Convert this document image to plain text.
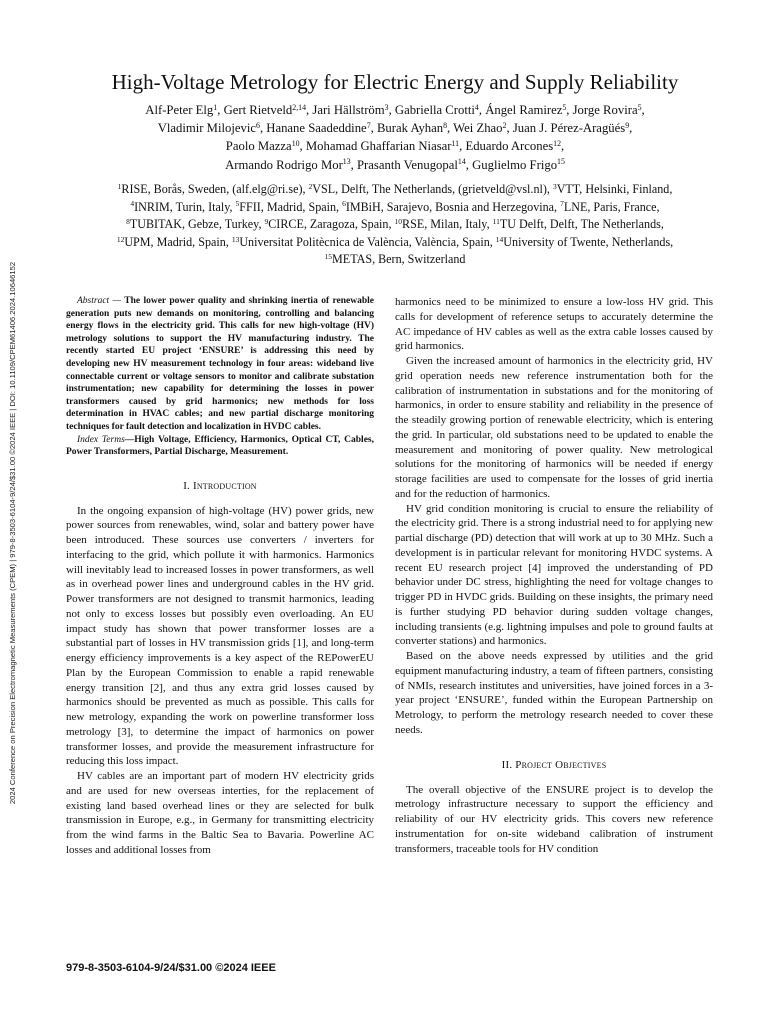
2024 Conference on Precision Electromagnetic Measurements (CPEM) | 979-8-3503-6104-9/24/$31.00 ©2024 IEEE | DOI: 10.1109/CPEM61406.2024.10646152
High-Voltage Metrology for Electric Energy and Supply Reliability

Alf-Peter Elg$^1$, Gert Rietveld$^{2,14}$, Jari Hällström$^3$, Gabriella Crotti$^4$, Ángel Ramirez$^5$, Jorge Rovira$^5$,
Vladimir Milojevic$^6$, Hanane Saadeddine$^7$, Burak Ayhan$^8$, Wei Zhao$^2$, Juan J. Pérez-Aragüés$^9$,
Paolo Mazza$^{10}$, Mohamad Ghaffarian Niasar$^{11}$, Eduardo Arcones$^{12}$,
Armando Rodrigo Mor$^{13}$, Prasanth Venugopal$^{14}$, Guglielmo Frigo$^{15}$

$^1$RISE, Borås, Sweden, (alf.elg@ri.se), $^2$VSL, Delft, The Netherlands, (grietveld@vsl.nl), $^3$VTT, Helsinki, Finland,
$^4$INRIM, Turin, Italy, $^5$FFII, Madrid, Spain, $^6$IMBiH, Sarajevo, Bosnia and Herzegovina, $^7$LNE, Paris, France,
$^8$TUBITAK, Gebze, Turkey, $^9$CIRCE, Zaragoza, Spain, $^{10}$RSE, Milan, Italy, $^{11}$TU Delft, Delft, The Netherlands,
$^{12}$UPM, Madrid, Spain, $^{13}$Universitat Politècnica de València, València, Spain, $^{14}$University of Twente, Netherlands,
$^{15}$METAS, Bern, Switzerland

Abstract — The lower power quality and shrinking inertia of renewable generation puts new demands on monitoring, controlling and balancing energy flows in the electricity grid. This calls for new high-voltage (HV) metrology solutions to support the HV manufacturing industry. The recently started EU project ‘ENSURE’ is addressing this need by developing new HV measurement technology in four areas: wideband live connectable current or voltage sensors to monitor and calibrate substation instrumentation; new capability for determining the losses in power transformers caused by grid harmonics; new methods for loss determination in HVAC cables; and new partial discharge monitoring techniques for fault detection and localization in HVDC cables.

Index Terms—High Voltage, Efficiency, Harmonics, Optical CT, Cables, Power Transformers, Partial Discharge, Measurement.

I. Introduction

In the ongoing expansion of high-voltage (HV) power grids, new power sources from renewables, wind, solar and battery power have been introduced. These sources use converters / inverters for interfacing to the grid, which pollute it with harmonics. Harmonics will inevitably lead to increased losses in power transformers, as well as in overhead power lines and underground cables in the HV grid. Power transformers are not designed to transmit harmonics, leading not only to excess losses but possibly even overloading. An EU impact study has shown that power transformer losses are a substantial part of losses in HV transmission grids [1], and long-term energy efficiency improvements is a key aspect of the REPowerEU Plan by the European Commission to enable a rapid renewable energy transition [2], and thus any extra grid losses caused by harmonics should be prevented as much as possible. This calls for new metrology, expanding the work on powerline transformer loss metrology [3], to determine the impact of harmonics on power transformer losses, and provide the measurement infrastructure for reducing this loss impact.

HV cables are an important part of modern HV electricity grids and are used for new overseas interties, for the replacement of existing land based overhead lines or they are selected for bulk transmission in Europe, e.g., in Germany for transmitting electricity from the wind farms in the Baltic Sea to Bavaria. Powerline AC losses and additional losses from

harmonics need to be minimized to ensure a low-loss HV grid. This calls for development of reference setups to accurately determine the AC impedance of HV cables as well as the extra cable losses caused by grid harmonics.

Given the increased amount of harmonics in the electricity grid, HV grid operation needs new reference instrumentation both for the calibration of instrumentation in substations and for the monitoring of harmonics, in order to ensure stability and reliability in the presence of the steadily growing portion of renewable electricity, which is entering the grid. In particular, old substations need to be updated to enable the measurement and monitoring of power quality. New metrological solutions for the monitoring of harmonics will be needed if energy storage facilities are used to compensate for the losses of grid inertia and for the reduction of harmonics.

HV grid condition monitoring is crucial to ensure the reliability of the electricity grid. There is a strong industrial need to for applying new partial discharge (PD) detection that will work at up to 30 MHz. Such a development is in particular relevant for monitoring HVDC systems. A recent EU research project [4] improved the understanding of PD behavior under DC stress, highlighting the need for voltage changes to trigger PD in HVDC grids. Building on these insights, the primary need is further studying PD behavior during sudden voltage changes, including transients (e.g. lightning impulses and pole to ground faults at converter stations) and harmonics.

Based on the above needs expressed by utilities and the grid equipment manufacturing industry, a team of fifteen partners, consisting of NMIs, research institutes and universities, have joined forces in a 3-year project ‘ENSURE’, funded within the European Partnership on Metrology, to perform the metrology research needed to cover these needs.

II. Project Objectives

The overall objective of the ENSURE project is to develop the metrology infrastructure necessary to support the efficiency and reliability of our HV electricity grids. This covers new reference instrumentation for on-site wideband calibration of instrument transformers, traceable tools for HV condition

979-8-3503-6104-9/24/$31.00 ©2024 IEEE
